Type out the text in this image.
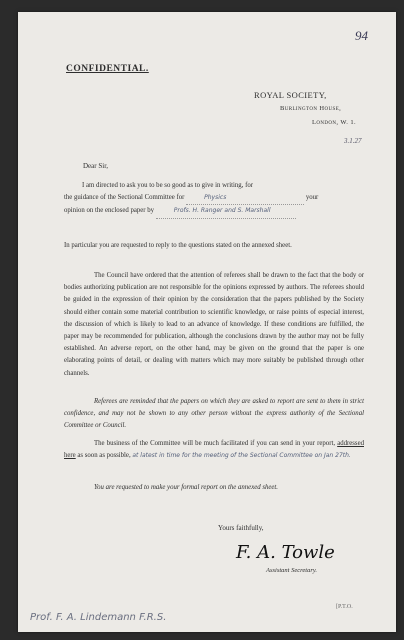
94
CONFIDENTIAL.
ROYAL SOCIETY,
Burlington House,
London, W. 1.
3.1.27
Dear Sir,
I am directed to ask you to be so good as to give in writing, for
the guidance of the Sectional Committee for	Physics	your
opinion on the enclosed paper by	Profs. H. Ranger and S. Marshall
In particular you are requested to reply to the questions stated on the annexed sheet.
The Council have ordered that the attention of referees shall be drawn to the fact that the body or bodies authorizing publication are not responsible for the opinions expressed by authors. The referees should be guided in the expression of their opinion by the consideration that the papers published by the Society should either contain some material contribution to scientific knowledge, or raise points of especial interest, the discussion of which is likely to lead to an advance of knowledge. If these conditions are fulfilled, the paper may be recommended for publication, although the conclusions drawn by the author may not be fully established. An adverse report, on the other hand, may be given on the ground that the paper is one elaborating points of detail, or dealing with matters which may more suitably be published through other channels.
Referees are reminded that the papers on which they are asked to report are sent to them in strict confidence, and may not be shown to any other person without the express authority of the Sectional Committee or Council.
The business of the Committee will be much facilitated if you can send in your report, addressed here as soon as possible, at latest in time for the meeting of the Sectional Committee on Jan 27th.
You are requested to make your formal report on the annexed sheet.
Yours faithfully,
F. A. Towle
Assistant Secretary.
[P.T.O.
Prof. F. A. Lindemann F.R.S.
